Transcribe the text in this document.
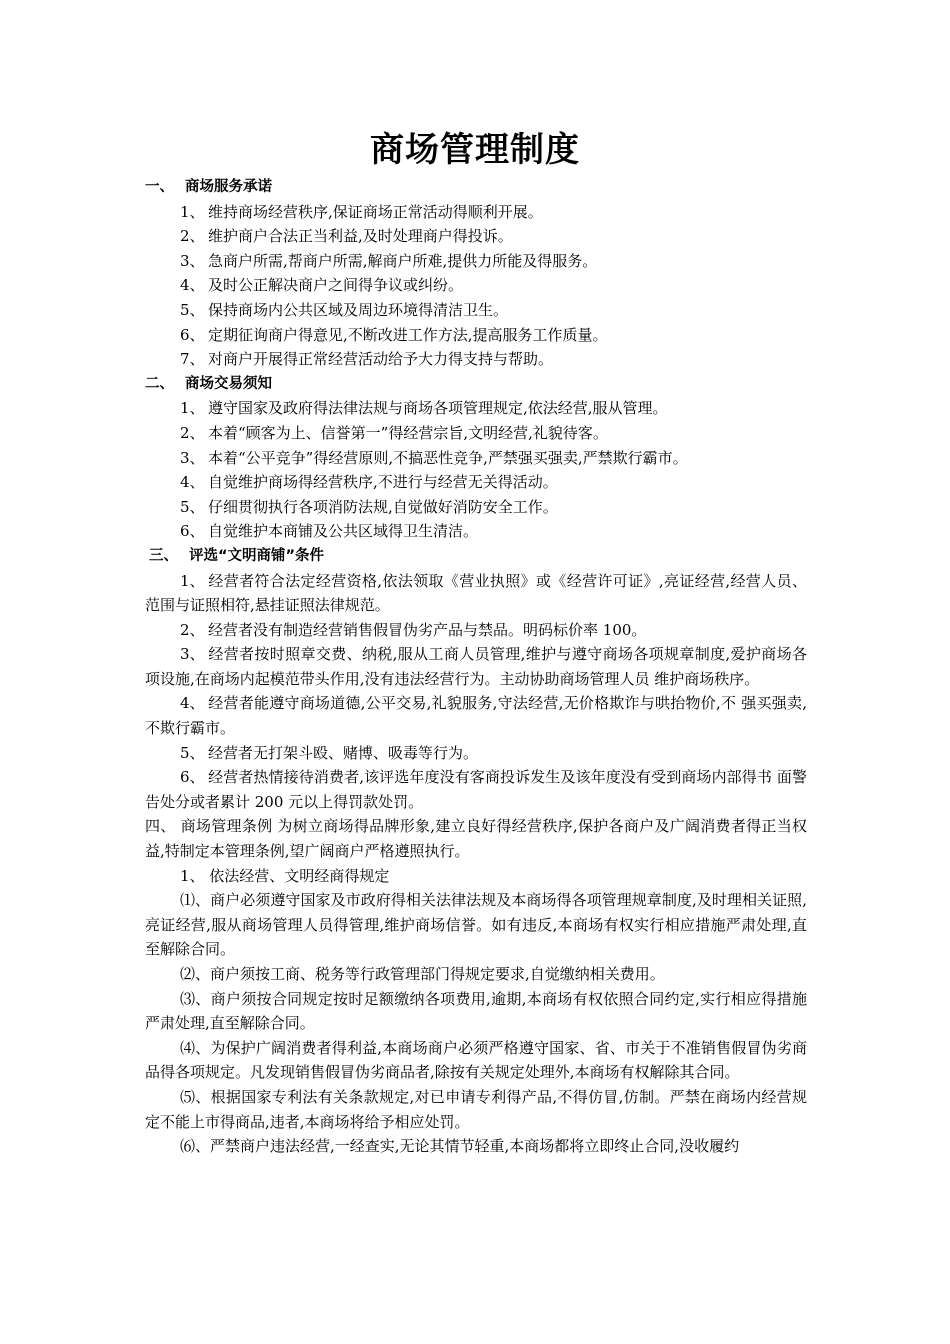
商场管理制度
一、 商场服务承诺
1、 维持商场经营秩序,保证商场正常活动得顺利开展。
2、 维护商户合法正当利益,及时处理商户得投诉。
3、 急商户所需,帮商户所需,解商户所难,提供力所能及得服务。
4、 及时公正解决商户之间得争议或纠纷。
5、 保持商场内公共区域及周边环境得清洁卫生。
6、 定期征询商户得意见,不断改进工作方法,提高服务工作质量。
7、 对商户开展得正常经营活动给予大力得支持与帮助。
二、 商场交易须知
1、 遵守国家及政府得法律法规与商场各项管理规定,依法经营,服从管理。
2、 本着“顾客为上、信誉第一”得经营宗旨,文明经营,礼貌待客。
3、 本着“公平竞争”得经营原则,不搞恶性竞争,严禁强买强卖,严禁欺行霸市。
4、 自觉维护商场得经营秩序,不进行与经营无关得活动。
5、 仔细贯彻执行各项消防法规,自觉做好消防安全工作。
6、 自觉维护本商铺及公共区域得卫生清洁。
三、 评选“文明商铺”条件
1、 经营者符合法定经营资格,依法领取《营业执照》或《经营许可证》,亮证经营,经营人员、范围与证照相符,悬挂证照法律规范。
2、 经营者没有制造经营销售假冒伪劣产品与禁品。明码标价率 100。
3、 经营者按时照章交费、纳税,服从工商人员管理,维护与遵守商场各项规章制度,爱护商场各项设施,在商场内起模范带头作用,没有违法经营行为。主动协助商场管理人员 维护商场秩序。
4、 经营者能遵守商场道德,公平交易,礼貌服务,守法经营,无价格欺诈与哄抬物价,不 强买强卖,不欺行霸市。
5、 经营者无打架斗殴、赌博、吸毒等行为。
6、 经营者热情接待消费者,该评选年度没有客商投诉发生及该年度没有受到商场内部得书 面警告处分或者累计 200 元以上得罚款处罚。
四、 商场管理条例 为树立商场得品牌形象,建立良好得经营秩序,保护各商户及广阔消费者得正当权益,特制定本管理条例,望广阔商户严格遵照执行。
1、 依法经营、文明经商得规定
⑴、商户必须遵守国家及市政府得相关法律法规及本商场得各项管理规章制度,及时理相关证照,亮证经营,服从商场管理人员得管理,维护商场信誉。如有违反,本商场有权实行相应措施严肃处理,直至解除合同。
⑵、商户须按工商、税务等行政管理部门得规定要求,自觉缴纳相关费用。
⑶、商户须按合同规定按时足额缴纳各项费用,逾期,本商场有权依照合同约定,实行相应得措施严肃处理,直至解除合同。
⑷、为保护广阔消费者得利益,本商场商户必须严格遵守国家、省、市关于不准销售假冒伪劣商品得各项规定。凡发现销售假冒伪劣商品者,除按有关规定处理外,本商场有权解除其合同。
⑸、根据国家专利法有关条款规定,对已申请专利得产品,不得仿冒,仿制。严禁在商场内经营规定不能上市得商品,违者,本商场将给予相应处罚。
⑹、严禁商户违法经营,一经查实,无论其情节轻重,本商场都将立即终止合同,没收履约
